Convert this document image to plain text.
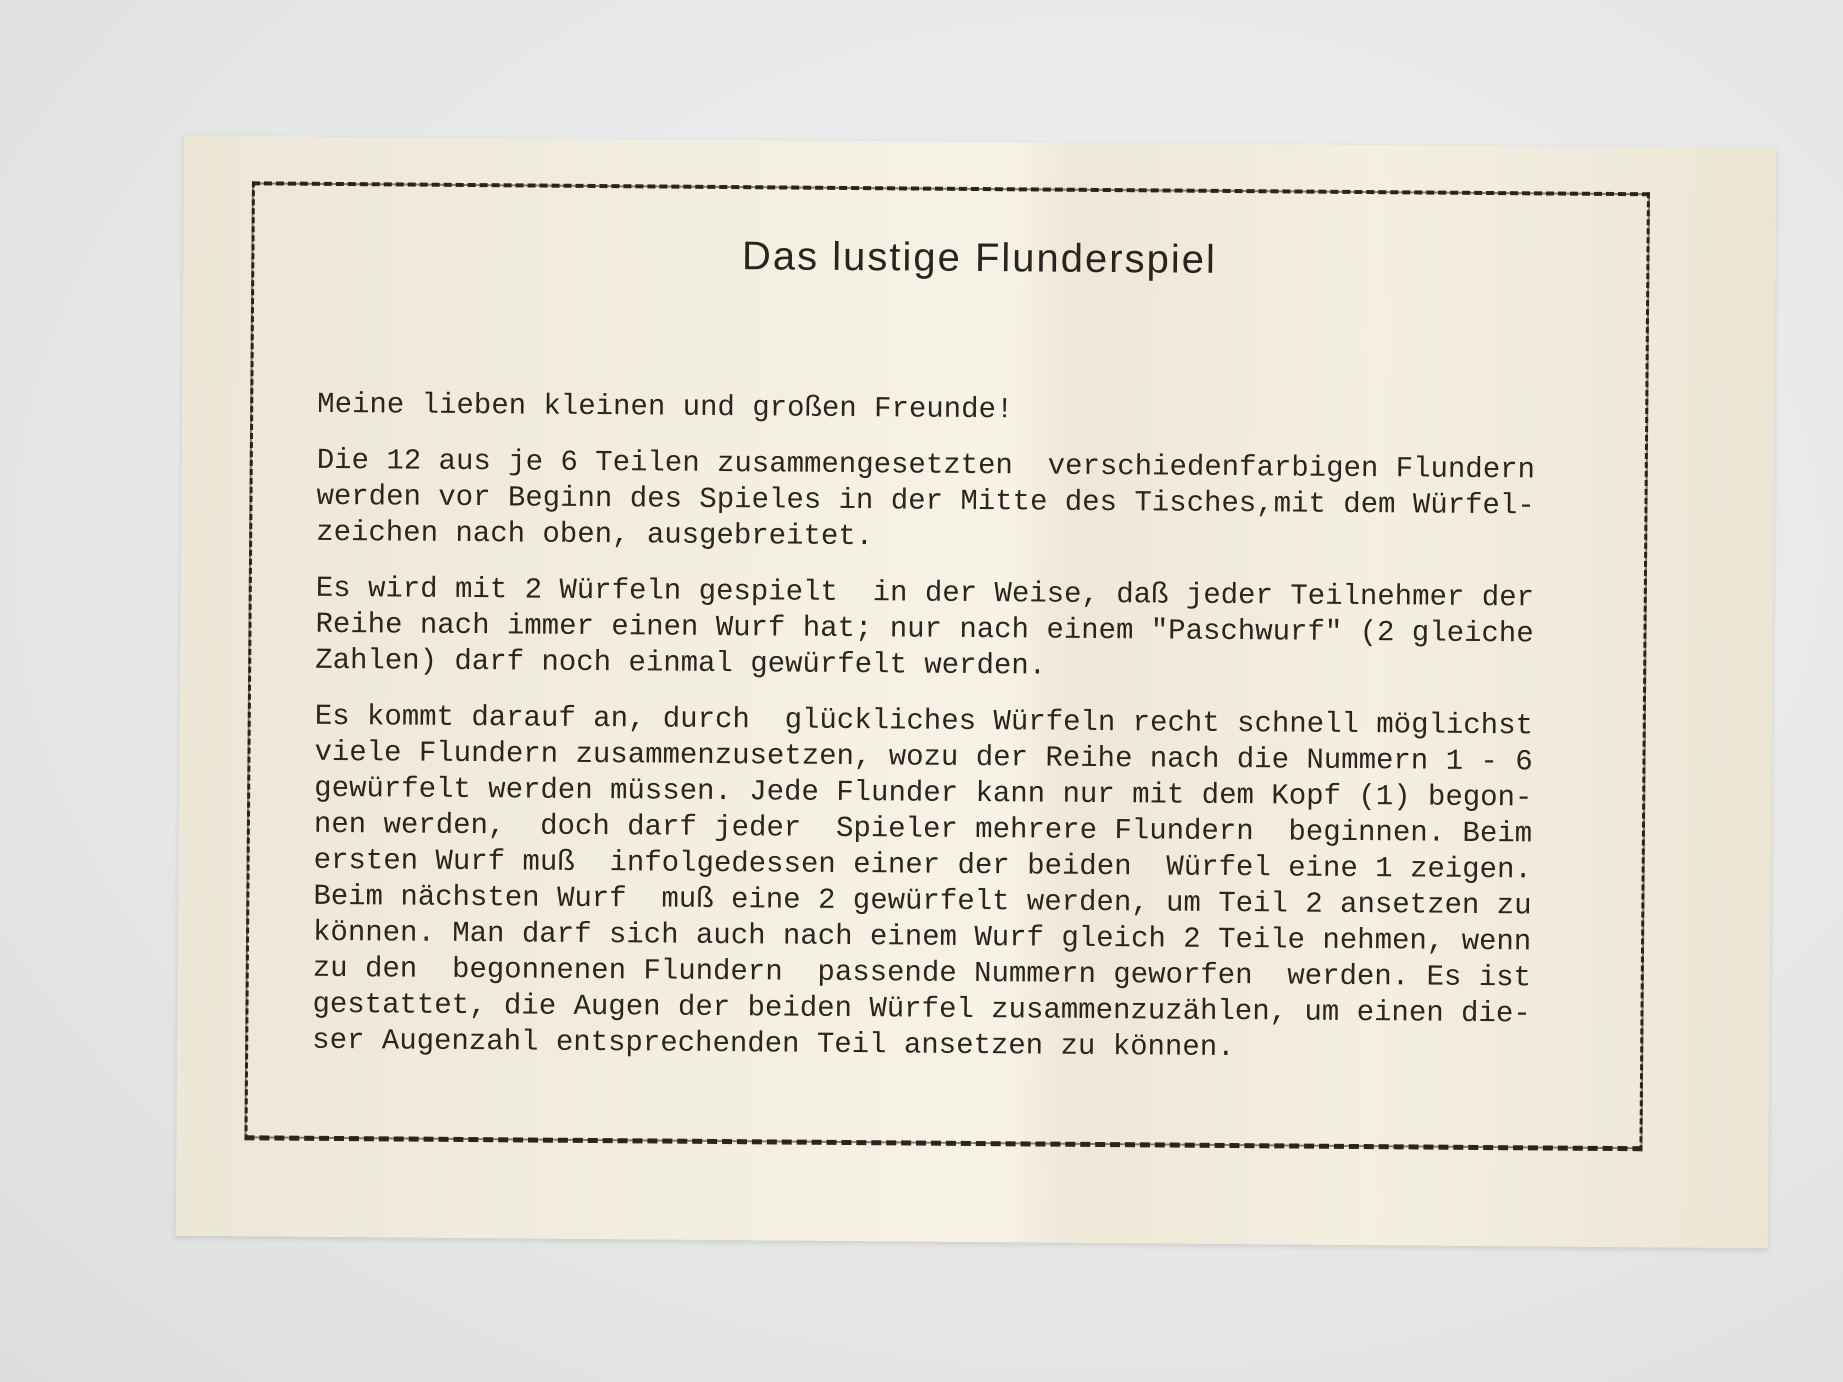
Das lustige Flunderspiel
Meine lieben kleinen und großen Freunde!
Die 12 aus je 6 Teilen zusammengesetzten  verschiedenfarbigen Flundern
werden vor Beginn des Spieles in der Mitte des Tisches,mit dem Würfel-
zeichen nach oben, ausgebreitet.
Es wird mit 2 Würfeln gespielt  in der Weise, daß jeder Teilnehmer der
Reihe nach immer einen Wurf hat; nur nach einem "Paschwurf" (2 gleiche
Zahlen) darf noch einmal gewürfelt werden.
Es kommt darauf an, durch  glückliches Würfeln recht schnell möglichst
viele Flundern zusammenzusetzen, wozu der Reihe nach die Nummern 1 - 6
gewürfelt werden müssen. Jede Flunder kann nur mit dem Kopf (1) begon-
nen werden,  doch darf jeder  Spieler mehrere Flundern  beginnen. Beim
ersten Wurf muß  infolgedessen einer der beiden  Würfel eine 1 zeigen.
Beim nächsten Wurf  muß eine 2 gewürfelt werden, um Teil 2 ansetzen zu
können. Man darf sich auch nach einem Wurf gleich 2 Teile nehmen, wenn
zu den  begonnenen Flundern  passende Nummern geworfen  werden. Es ist
gestattet, die Augen der beiden Würfel zusammenzuzählen, um einen die-
ser Augenzahl entsprechenden Teil ansetzen zu können.
